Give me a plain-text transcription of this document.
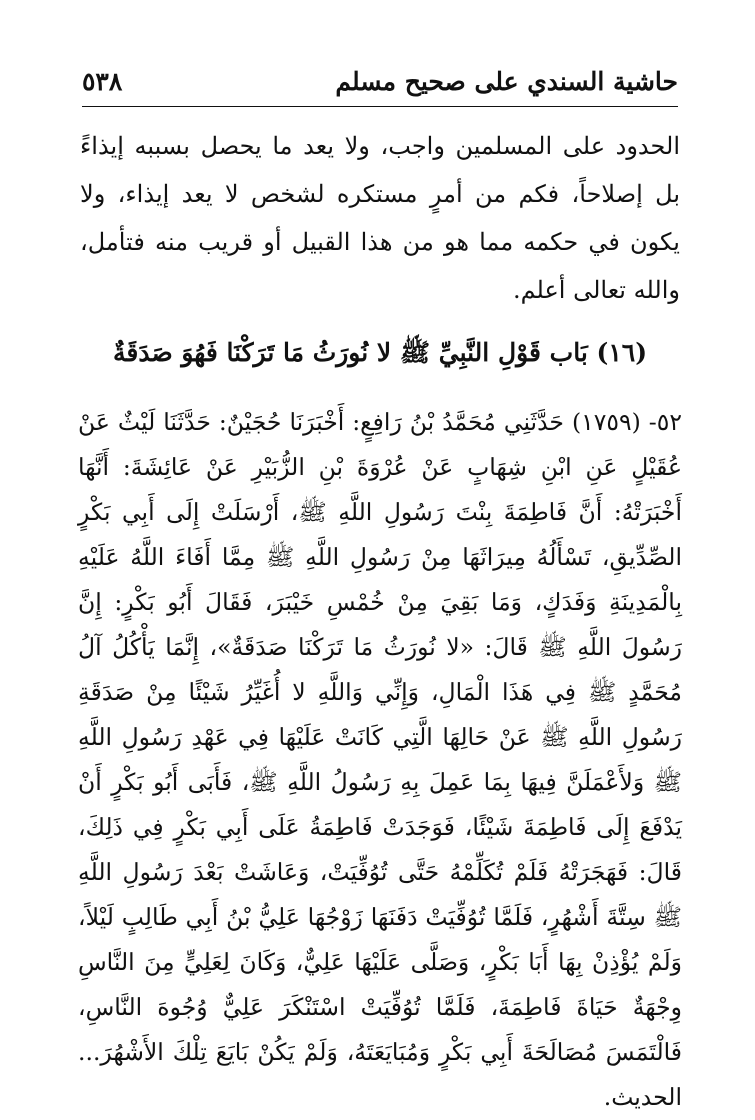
حاشية السندي على صحيح مسلم
٥٣٨

الحدود على المسلمين واجب، ولا يعد ما يحصل بسببه إيذاءً بل إصلاحاً، فكم من أمرٍ مستكره لشخص لا يعد إيذاء، ولا يكون في حكمه مما هو من هذا القبيل أو قريب منه فتأمل، والله تعالى أعلم.

(١٦) بَاب قَوْلِ النَّبِيِّ ﷺ لا نُورَثُ مَا تَرَكْنَا فَهُوَ صَدَقَةٌ

٥٢- (١٧٥٩) حَدَّثَنِي مُحَمَّدُ بْنُ رَافِعٍ: أَخْبَرَنَا حُجَيْنٌ: حَدَّثَنَا لَيْثٌ عَنْ عُقَيْلٍ عَنِ ابْنِ شِهَابٍ عَنْ عُرْوَةَ بْنِ الزُّبَيْرِ عَنْ عَائِشَةَ: أَنَّهَا أَخْبَرَتْهُ: أَنَّ فَاطِمَةَ بِنْتَ رَسُولِ اللَّهِ ﷺ، أَرْسَلَتْ إِلَى أَبِي بَكْرٍ الصِّدِّيقِ، تَسْأَلُهُ مِيرَاثَهَا مِنْ رَسُولِ اللَّهِ ﷺ مِمَّا أَفَاءَ اللَّهُ عَلَيْهِ بِالْمَدِينَةِ وَفَدَكٍ، وَمَا بَقِيَ مِنْ خُمْسِ خَيْبَرَ، فَقَالَ أَبُو بَكْرٍ: إِنَّ رَسُولَ اللَّهِ ﷺ قَالَ: «لا نُورَثُ مَا تَرَكْنَا صَدَقَةٌ»، إِنَّمَا يَأْكُلُ آلُ مُحَمَّدٍ ﷺ فِي هَذَا الْمَالِ، وَإِنِّي وَاللَّهِ لا أُغَيِّرُ شَيْئًا مِنْ صَدَقَةِ رَسُولِ اللَّهِ ﷺ عَنْ حَالِهَا الَّتِي كَانَتْ عَلَيْهَا فِي عَهْدِ رَسُولِ اللَّهِ ﷺ وَلأَعْمَلَنَّ فِيهَا بِمَا عَمِلَ بِهِ رَسُولُ اللَّهِ ﷺ، فَأَبَى أَبُو بَكْرٍ أَنْ يَدْفَعَ إِلَى فَاطِمَةَ شَيْئًا، فَوَجَدَتْ فَاطِمَةُ عَلَى أَبِي بَكْرٍ فِي ذَلِكَ، قَالَ: فَهَجَرَتْهُ فَلَمْ تُكَلِّمْهُ حَتَّى تُوُفِّيَتْ، وَعَاشَتْ بَعْدَ رَسُولِ اللَّهِ ﷺ سِتَّةَ أَشْهُرٍ، فَلَمَّا تُوُفِّيَتْ دَفَنَهَا زَوْجُهَا عَلِيُّ بْنُ أَبِي طَالِبٍ لَيْلاً، وَلَمْ يُؤْذِنْ بِهَا أَبَا بَكْرٍ، وَصَلَّى عَلَيْهَا عَلِيٌّ، وَكَانَ لِعَلِيٍّ مِنَ النَّاسِ وِجْهَةٌ حَيَاةَ فَاطِمَةَ، فَلَمَّا تُوُفِّيَتْ اسْتَنْكَرَ عَلِيٌّ وُجُوهَ النَّاسِ، فَالْتَمَسَ مُصَالَحَةَ أَبِي بَكْرٍ وَمُبَايَعَتَهُ، وَلَمْ يَكُنْ بَايَعَ تِلْكَ الأَشْهُرَ... الحديث.
